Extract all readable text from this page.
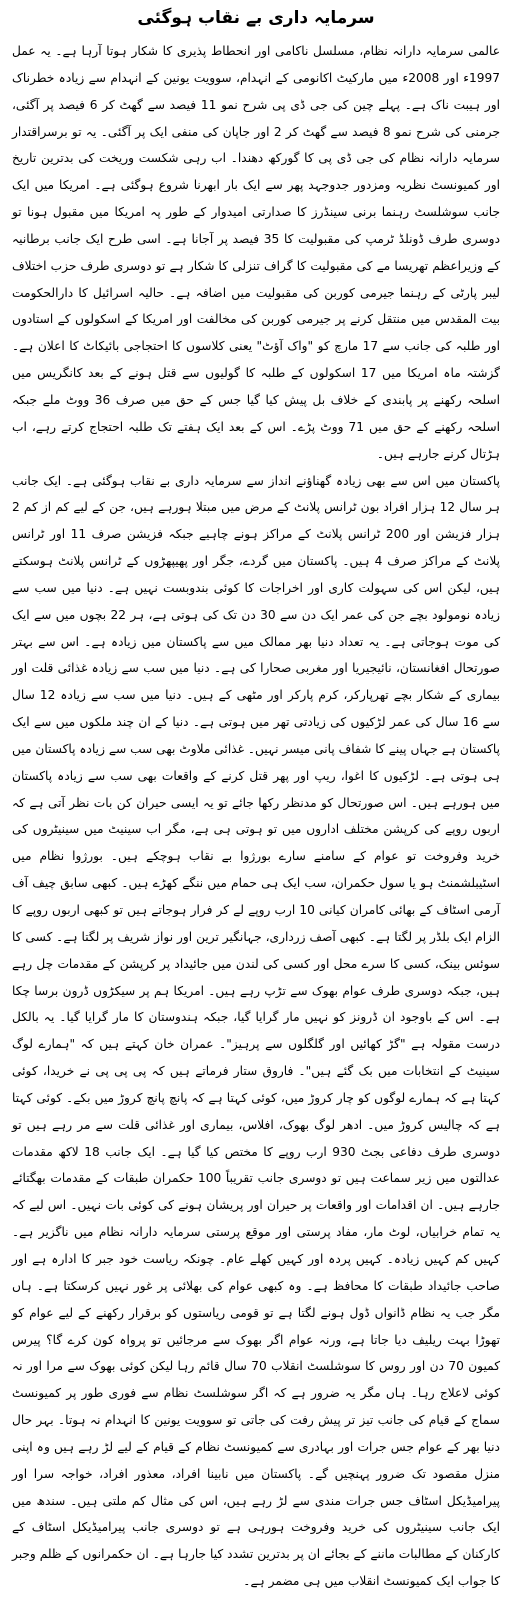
سرمایہ داری بے نقاب ہوگئی

عالمی سرمایہ دارانہ نظام، مسلسل ناکامی اور انحطاط پذیری کا شکار ہوتا آرہا ہے۔ یہ عمل 1997ء اور 2008ء میں مارکیٹ اکانومی کے انہدام، سوویت یونین کے انہدام سے زیادہ خطرناک اور ہیبت ناک ہے۔ پہلے چین کی جی ڈی پی شرح نمو 11 فیصد سے گھٹ کر 6 فیصد پر آگئی، جرمنی کی شرح نمو 8 فیصد سے گھٹ کر 2 اور جاپان کی منفی ایک پر آگئی۔ یہ تو برسراقتدار سرمایہ دارانہ نظام کی جی ڈی پی کا گورکھ دھندا۔ اب رہی شکست وریخت کی بدترین تاریخ اور کمیونسٹ نظریہ ومزدور جدوجہد پھر سے ایک بار ابھرنا شروع ہوگئی ہے۔ امریکا میں ایک جانب سوشلسٹ رہنما برنی سینڈرز کا صدارتی امیدوار کے طور پہ امریکا میں مقبول ہونا تو دوسری طرف ڈونلڈ ٹرمپ کی مقبولیت کا 35 فیصد پر آجانا ہے۔ اسی طرح ایک جانب برطانیہ کے وزیراعظم تھریسا مے کی مقبولیت کا گراف تنزلی کا شکار ہے تو دوسری طرف حزب اختلاف لیبر پارٹی کے رہنما جیرمی کوربن کی مقبولیت میں اضافہ ہے۔ حالیہ اسرائیل کا دارالحکومت بیت المقدس میں منتقل کرنے پر جیرمی کوربن کی مخالفت اور امریکا کے اسکولوں کے استادوں اور طلبہ کی جانب سے 17 مارچ کو "واک آؤٹ" یعنی کلاسوں کا احتجاجی بائیکاٹ کا اعلان ہے۔ گزشتہ ماہ امریکا میں 17 اسکولوں کے طلبہ کا گولیوں سے قتل ہونے کے بعد کانگریس میں اسلحہ رکھنے پر پابندی کے خلاف بل پیش کیا گیا جس کے حق میں صرف 36 ووٹ ملے جبکہ اسلحہ رکھنے کے حق میں 71 ووٹ پڑے۔ اس کے بعد ایک ہفتے تک طلبہ احتجاج کرتے رہے، اب ہڑتال کرنے جارہے ہیں۔

پاکستان میں اس سے بھی زیادہ گھناؤنے انداز سے سرمایہ داری بے نقاب ہوگئی ہے۔ ایک جانب ہر سال 12 ہزار افراد بون ٹرانس پلانٹ کے مرض میں مبتلا ہورہے ہیں، جن کے لیے کم از کم 2 ہزار فزیشن اور 200 ٹرانس پلانٹ کے مراکز ہونے چاہیے جبکہ فزیشن صرف 11 اور ٹرانس پلانٹ کے مراکز صرف 4 ہیں۔ پاکستان میں گردے، جگر اور پھیپھڑوں کے ٹرانس پلانٹ ہوسکتے ہیں، لیکن اس کی سہولت کاری اور اخراجات کا کوئی بندوبست نہیں ہے۔ دنیا میں سب سے زیادہ نومولود بچے جن کی عمر ایک دن سے 30 دن تک کی ہوتی ہے، ہر 22 بچوں میں سے ایک کی موت ہوجاتی ہے۔ یہ تعداد دنیا بھر ممالک میں سے پاکستان میں زیادہ ہے۔ اس سے بہتر صورتحال افغانستان، نائیجیریا اور مغربی صحارا کی ہے۔ دنیا میں سب سے زیادہ غذائی قلت اور بیماری کے شکار بچے تھرپارکر، کرم پارکر اور مٹھی کے ہیں۔ دنیا میں سب سے زیادہ 12 سال سے 16 سال کی عمر لڑکیوں کی زیادتی تھر میں ہوتی ہے۔ دنیا کے ان چند ملکوں میں سے ایک پاکستان ہے جہاں پینے کا شفاف پانی میسر نہیں۔ غذائی ملاوٹ بھی سب سے زیادہ پاکستان میں ہی ہوتی ہے۔ لڑکیوں کا اغوا، ریپ اور پھر قتل کرنے کے واقعات بھی سب سے زیادہ پاکستان میں ہورہے ہیں۔ اس صورتحال کو مدنظر رکھا جائے تو یہ ایسی حیران کن بات نظر آتی ہے کہ اربوں روپے کی کرپشن مختلف اداروں میں تو ہوتی ہی ہے، مگر اب سینیٹ میں سینیٹروں کی خرید وفروخت تو عوام کے سامنے سارے بورژوا بے نقاب ہوچکے ہیں۔ بورژوا نظام میں اسٹیبلشمنٹ ہو یا سول حکمران، سب ایک ہی حمام میں ننگے کھڑے ہیں۔ کبھی سابق چیف آف آرمی اسٹاف کے بھائی کامران کیانی 10 ارب روپے لے کر فرار ہوجاتے ہیں تو کبھی اربوں روپے کا الزام ایک بلڈر پر لگتا ہے۔ کبھی آصف زرداری، جہانگیر ترین اور نواز شریف پر لگتا ہے۔ کسی کا سوئس بینک، کسی کا سرے محل اور کسی کی لندن میں جائیداد پر کرپشن کے مقدمات چل رہے ہیں، جبکہ دوسری طرف عوام بھوک سے تڑپ رہے ہیں۔ امریکا ہم پر سیکڑوں ڈرون برسا چکا ہے۔ اس کے باوجود ان ڈرونز کو نہیں مار گرایا گیا، جبکہ ہندوستان کا مار گرایا گیا۔ یہ بالکل درست مقولہ ہے "گڑ کھائیں اور گلگلوں سے پرہیز"۔ عمران خان کہتے ہیں کہ "ہمارے لوگ سینیٹ کے انتخابات میں بک گئے ہیں"۔ فاروق ستار فرماتے ہیں کہ پی پی پی نے خریدا، کوئی کہتا ہے کہ ہمارے لوگوں کو چار کروڑ میں، کوئی کہتا ہے کہ پانچ پانچ کروڑ میں بکے۔ کوئی کہتا ہے کہ چالیس کروڑ میں۔ ادھر لوگ بھوک، افلاس، بیماری اور غذائی قلت سے مر رہے ہیں تو دوسری طرف دفاعی بجٹ 930 ارب روپے کا مختص کیا گیا ہے۔ ایک جانب 18 لاکھ مقدمات عدالتوں میں زیر سماعت ہیں تو دوسری جانب تقریباً 100 حکمران طبقات کے مقدمات بھگتائے جارہے ہیں۔ ان اقدامات اور واقعات پر حیران اور پریشان ہونے کی کوئی بات نہیں۔ اس لیے کہ یہ تمام خرابیاں، لوٹ مار، مفاد پرستی اور موقع پرستی سرمایہ دارانہ نظام میں ناگزیر ہے۔ کہیں کم کہیں زیادہ۔ کہیں پردہ اور کہیں کھلے عام۔ چونکہ ریاست خود جبر کا ادارہ ہے اور صاحب جائیداد طبقات کا محافظ ہے۔ وہ کبھی عوام کی بھلائی پر غور نہیں کرسکتا ہے۔ ہاں مگر جب یہ نظام ڈانواں ڈول ہونے لگتا ہے تو قومی ریاستوں کو برقرار رکھنے کے لیے عوام کو تھوڑا بہت ریلیف دیا جاتا ہے، ورنہ عوام اگر بھوک سے مرجائیں تو پرواہ کون کرے گا؟ پیرس کمیون 70 دن اور روس کا سوشلسٹ انقلاب 70 سال قائم رہا لیکن کوئی بھوک سے مرا اور نہ کوئی لاعلاج رہا۔ ہاں مگر یہ ضرور ہے کہ اگر سوشلسٹ نظام سے فوری طور پر کمیونسٹ سماج کے قیام کی جانب تیز تر پیش رفت کی جاتی تو سوویت یونین کا انہدام نہ ہوتا۔ بہر حال دنیا بھر کے عوام جس جرات اور بہادری سے کمیونسٹ نظام کے قیام کے لیے لڑ رہے ہیں وہ اپنی منزل مقصود تک ضرور پہنچیں گے۔ پاکستان میں نابینا افراد، معذور افراد، خواجہ سرا اور پیرامیڈیکل اسٹاف جس جرات مندی سے لڑ رہے ہیں، اس کی مثال کم ملتی ہیں۔ سندھ میں ایک جانب سینیٹروں کی خرید وفروخت ہورہی ہے تو دوسری جانب پیرامیڈیکل اسٹاف کے کارکنان کے مطالبات ماننے کے بجائے ان پر بدترین تشدد کیا جارہا ہے۔ ان حکمرانوں کے ظلم وجبر کا جواب ایک کمیونسٹ انقلاب میں ہی مضمر ہے۔
